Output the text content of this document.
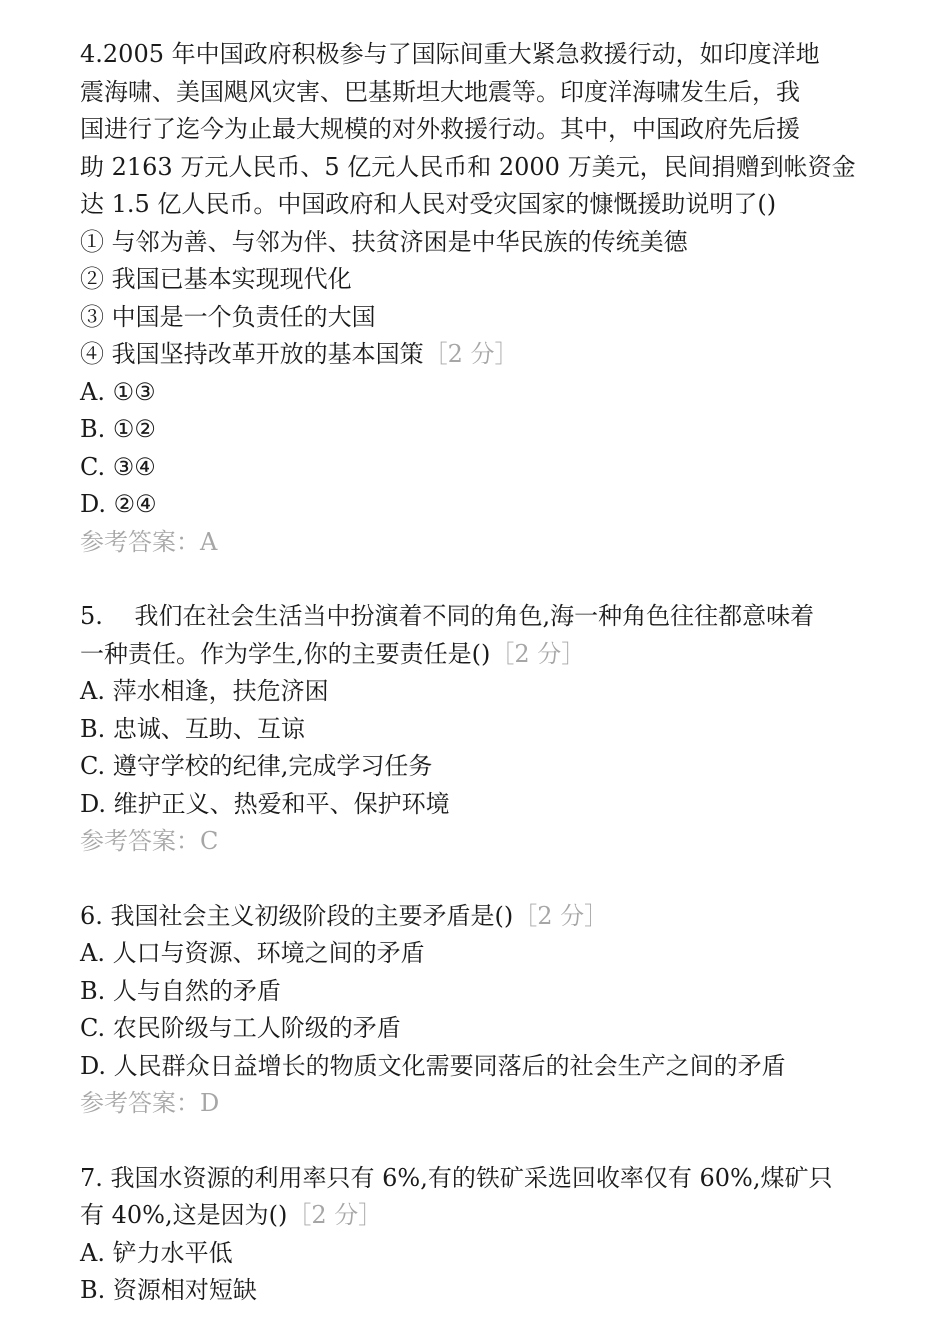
4.2005 年中国政府积极参与了国际间重大紧急救援行动，如印度洋地
震海啸、美国飓风灾害、巴基斯坦大地震等。印度洋海啸发生后，我
国进行了迄今为止最大规模的对外救援行动。其中，中国政府先后援
助 2163 万元人民币、5 亿元人民币和 2000 万美元，民间捐赠到帐资金
达 1.5 亿人民币。中国政府和人民对受灾国家的慷慨援助说明了()
① 与邻为善、与邻为伴、扶贫济困是中华民族的传统美德
② 我国已基本实现现代化
③ 中国是一个负责任的大国
④ 我国坚持改革开放的基本国策［2 分］
A. ①③
B. ①②
C. ③④
D. ②④
参考答案：A
5.　 我们在社会生活当中扮演着不同的角色,海一种角色往往都意味着
一种责任。作为学生,你的主要责任是()［2 分］
A. 萍水相逢，扶危济困
B. 忠诚、互助、互谅
C. 遵守学校的纪律,完成学习任务
D. 维护正义、热爱和平、保护环境
参考答案：C
6. 我国社会主义初级阶段的主要矛盾是()［2 分］
A. 人口与资源、环境之间的矛盾
B. 人与自然的矛盾
C. 农民阶级与工人阶级的矛盾
D. 人民群众日益增长的物质文化需要同落后的社会生产之间的矛盾
参考答案：D
7. 我国水资源的利用率只有 6%,有的铁矿采选回收率仅有 60%,煤矿只
有 40%,这是因为()［2 分］
A. 铲力水平低
B. 资源相对短缺
